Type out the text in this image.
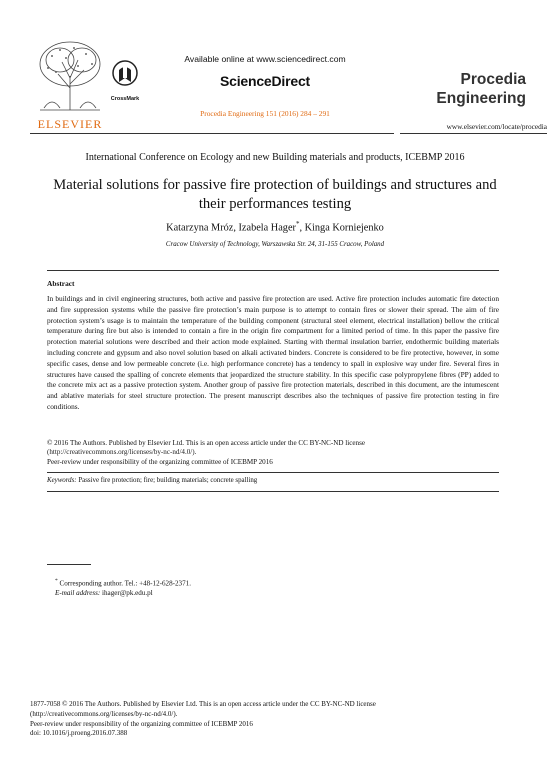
ELSEVIER
CrossMark
Available online at www.sciencedirect.com
ScienceDirect
Procedia Engineering 151 (2016) 284 – 291
Procedia
Engineering
www.elsevier.com/locate/procedia
International Conference on Ecology and new Building materials and products, ICEBMP 2016
Material solutions for passive fire protection of buildings and structures and their performances testing
Katarzyna Mróz, Izabela Hager*, Kinga Korniejenko
Cracow University of Technology, Warszawska Str. 24, 31-155 Cracow, Poland
Abstract
In buildings and in civil engineering structures, both active and passive fire protection are used. Active fire protection includes automatic fire detection and fire suppression systems while the passive fire protection’s main purpose is to attempt to contain fires or slower their spread. The aim of fire protection system’s usage is to maintain the temperature of the building component (structural steel element, electrical installation) bellow the critical temperature during fire but also is intended to contain a fire in the origin fire compartment for a limited period of time. In this paper the passive fire protection material solutions were described and their action mode explained. Starting with thermal insulation barrier, endothermic building materials including concrete and gypsum and also novel solution based on alkali activated binders. Concrete is considered to be fire protective, however, in some specific cases, dense and low permeable concrete (i.e. high performance concrete) has a tendency to spall in explosive way under fire. Several fires in structures have caused the spalling of concrete elements that jeopardized the structure stability. In this specific case polypropylene fibres (PP) added to the concrete mix act as a passive protection system. Another group of passive fire protection materials, described in this document, are the intumescent and ablative materials for steel structure protection. The present manuscript describes also the techniques of passive fire protection testing in fire conditions.
© 2016 The Authors. Published by Elsevier Ltd. This is an open access article under the CC BY-NC-ND license
(http://creativecommons.org/licenses/by-nc-nd/4.0/).
Peer-review under responsibility of the organizing committee of ICEBMP 2016
Keywords: Passive fire protection; fire; building materials; concrete spalling
* Corresponding author. Tel.: +48-12-628-2371.
E-mail address: ihager@pk.edu.pl
1877-7058 © 2016 The Authors. Published by Elsevier Ltd. This is an open access article under the CC BY-NC-ND license
(http://creativecommons.org/licenses/by-nc-nd/4.0/).
Peer-review under responsibility of the organizing committee of ICEBMP 2016
doi: 10.1016/j.proeng.2016.07.388
